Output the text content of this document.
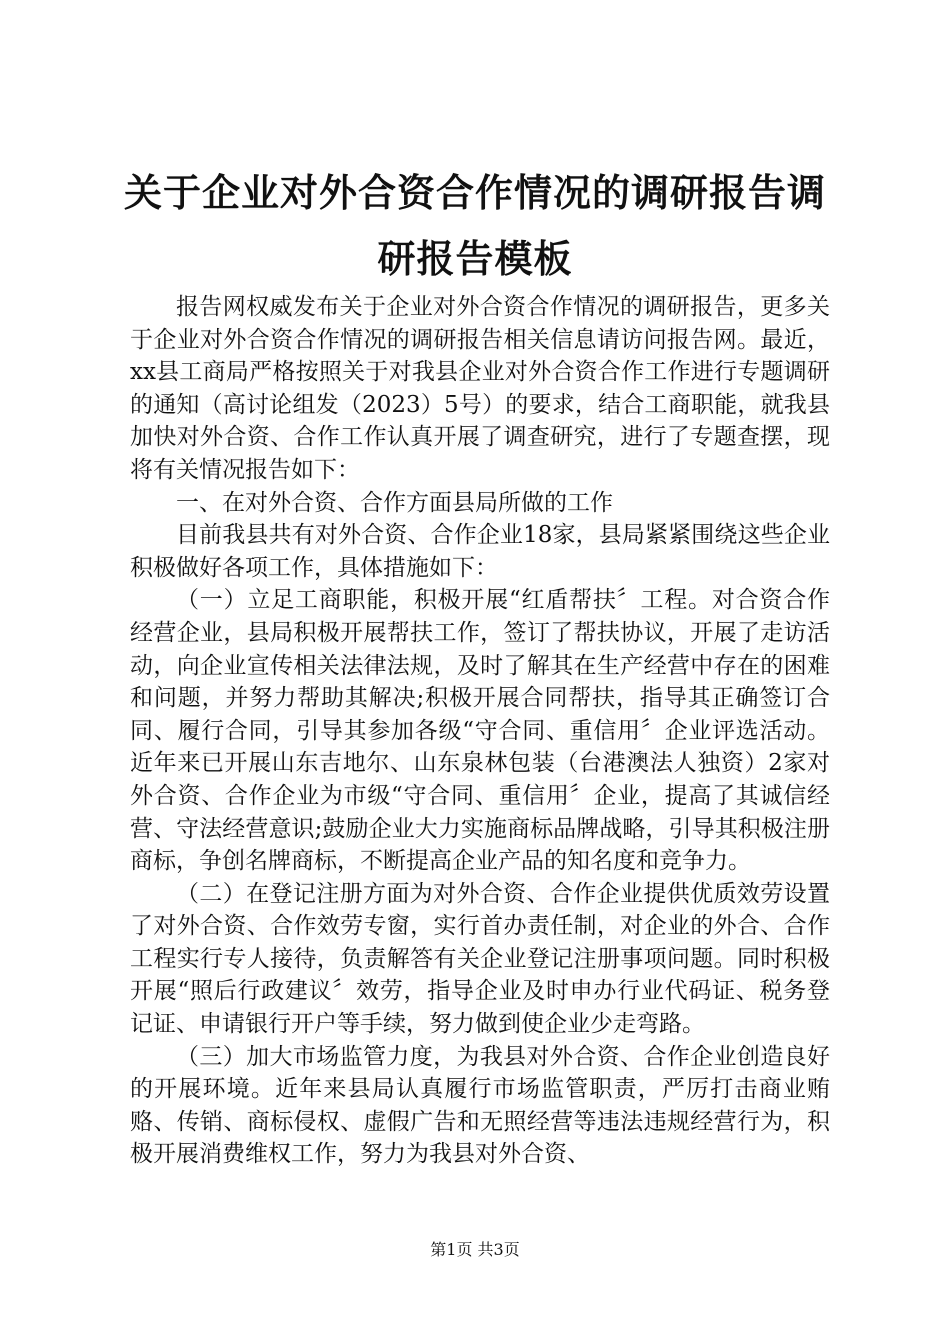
关于企业对外合资合作情况的调研报告调研报告模板

报告网权威发布关于企业对外合资合作情况的调研报告，更多关于企业对外合资合作情况的调研报告相关信息请访问报告网。最近，xx县工商局严格按照关于对我县企业对外合资合作工作进行专题调研的通知（高讨论组发（2023）5号）的要求，结合工商职能，就我县加快对外合资、合作工作认真开展了调查研究，进行了专题查摆，现将有关情况报告如下：

一、在对外合资、合作方面县局所做的工作

目前我县共有对外合资、合作企业18家，县局紧紧围绕这些企业积极做好各项工作，具体措施如下：

（一）立足工商职能，积极开展“红盾帮扶〞工程。对合资合作经营企业，县局积极开展帮扶工作，签订了帮扶协议，开展了走访活动，向企业宣传相关法律法规，及时了解其在生产经营中存在的困难和问题，并努力帮助其解决;积极开展合同帮扶，指导其正确签订合同、履行合同，引导其参加各级“守合同、重信用〞企业评选活动。近年来已开展山东吉地尔、山东泉林包装（台港澳法人独资）2家对外合资、合作企业为市级“守合同、重信用〞企业，提高了其诚信经营、守法经营意识;鼓励企业大力实施商标品牌战略，引导其积极注册商标，争创名牌商标，不断提高企业产品的知名度和竞争力。

（二）在登记注册方面为对外合资、合作企业提供优质效劳设置了对外合资、合作效劳专窗，实行首办责任制，对企业的外合、合作工程实行专人接待，负责解答有关企业登记注册事项问题。同时积极开展“照后行政建议〞效劳，指导企业及时申办行业代码证、税务登记证、申请银行开户等手续，努力做到使企业少走弯路。

（三）加大市场监管力度，为我县对外合资、合作企业创造良好的开展环境。近年来县局认真履行市场监管职责，严厉打击商业贿赂、传销、商标侵权、虚假广告和无照经营等违法违规经营行为，积极开展消费维权工作，努力为我县对外合资、

第1页 共3页
